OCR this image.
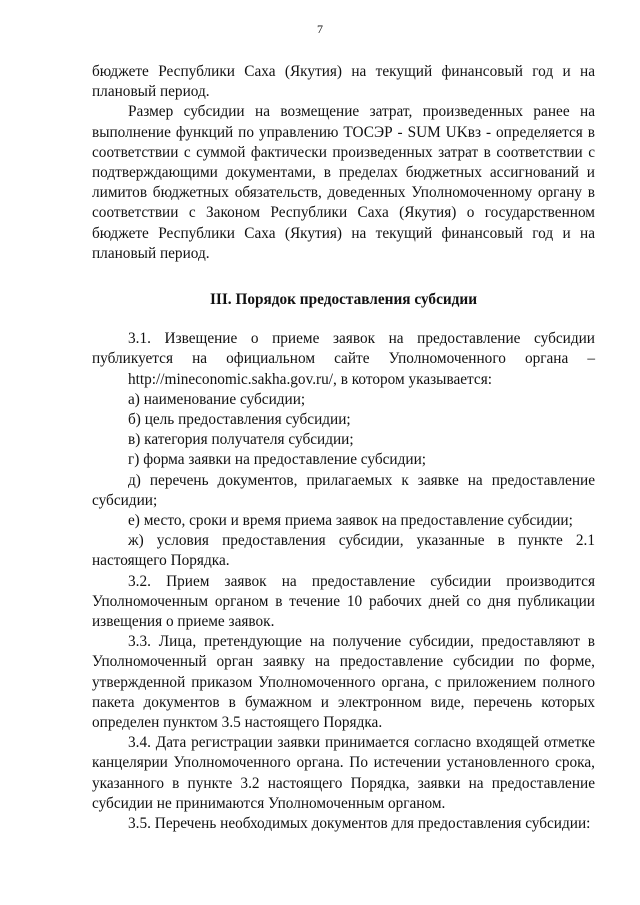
7

бюджете Республики Саха (Якутия) на текущий финансовый год и на плановый период.

Размер субсидии на возмещение затрат, произведенных ранее на выполнение функций по управлению ТОСЭР - SUM UKвз - определяется в соответствии с суммой фактически произведенных затрат в соответствии с подтверждающими документами, в пределах бюджетных ассигнований и лимитов бюджетных обязательств, доведенных Уполномоченному органу в соответствии с Законом Республики Саха (Якутия) о государственном бюджете Республики Саха (Якутия) на текущий финансовый год и на плановый период.

III. Порядок предоставления субсидии

3.1. Извещение о приеме заявок на предоставление субсидии публикуется на официальном сайте Уполномоченного органа –

http://mineconomic.sakha.gov.ru/, в котором указывается:

а) наименование субсидии;

б) цель предоставления субсидии;

в) категория получателя субсидии;

г) форма заявки на предоставление субсидии;

д) перечень документов, прилагаемых к заявке на предоставление субсидии;

е) место, сроки и время приема заявок на предоставление субсидии;

ж) условия предоставления субсидии, указанные в пункте 2.1 настоящего Порядка.

3.2. Прием заявок на предоставление субсидии производится Уполномоченным органом в течение 10 рабочих дней со дня публикации извещения о приеме заявок.

3.3. Лица, претендующие на получение субсидии, предоставляют в Уполномоченный орган заявку на предоставление субсидии по форме, утвержденной приказом Уполномоченного органа, с приложением полного пакета документов в бумажном и электронном виде, перечень которых определен пунктом 3.5 настоящего Порядка.

3.4. Дата регистрации заявки принимается согласно входящей отметке канцелярии Уполномоченного органа. По истечении установленного срока, указанного в пункте 3.2 настоящего Порядка, заявки на предоставление субсидии не принимаются Уполномоченным органом.

3.5. Перечень необходимых документов для предоставления субсидии:
